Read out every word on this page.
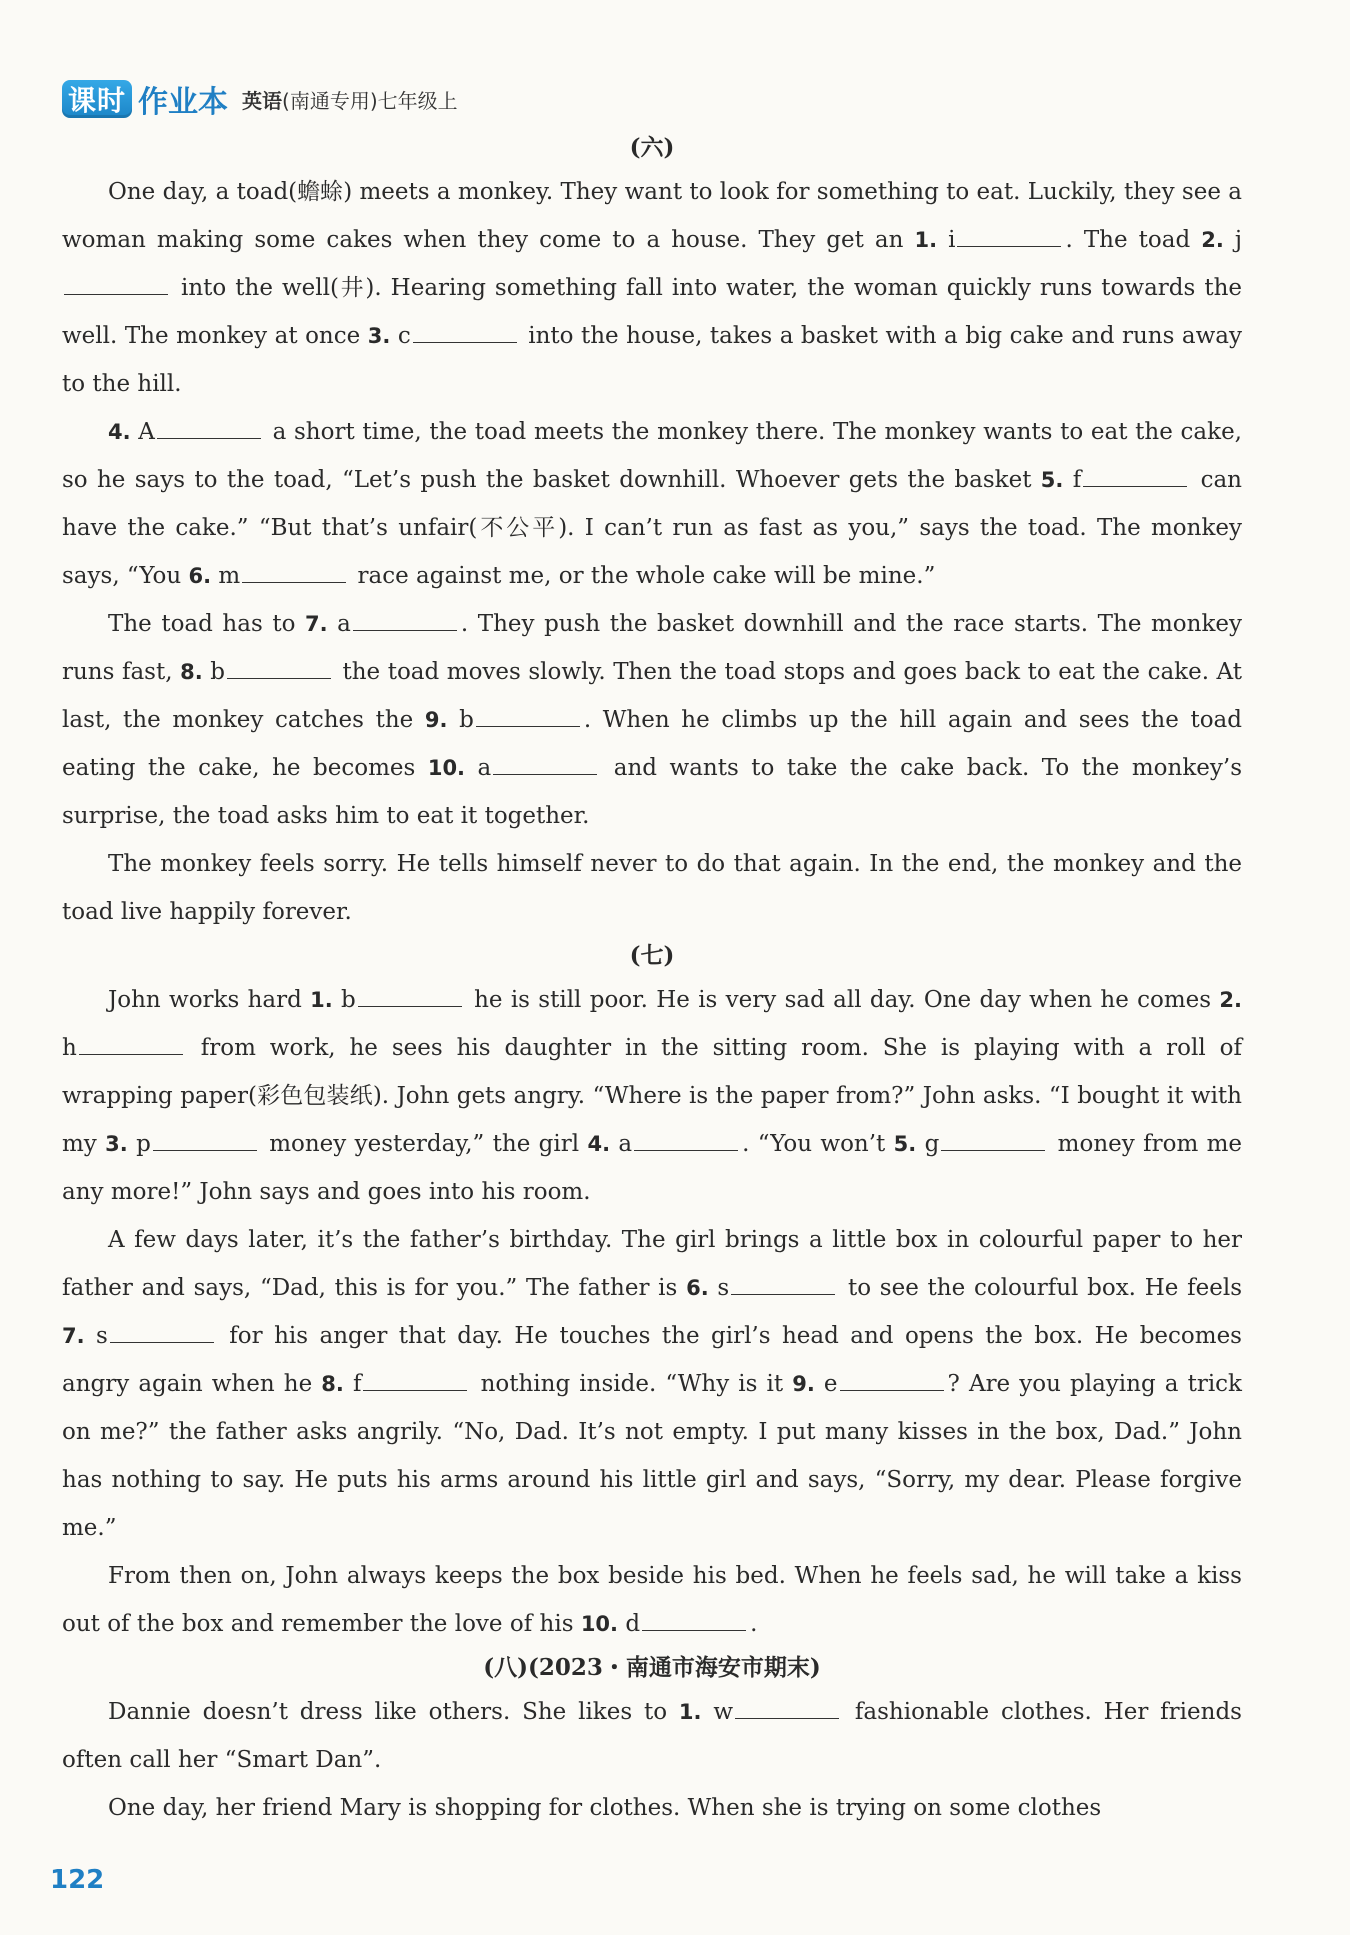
课时 作业本 英语(南通专用)七年级上
(六)

One day, a toad(蟾蜍) meets a monkey. They want to look for something to eat. Luckily, they see a woman making some cakes when they come to a house. They get an 1. i	. The toad 2. j into the well(井). Hearing something fall into water, the woman quickly runs towards the well. The monkey at once 3. c	into the house, takes a basket with a big cake and runs away to the hill.

4. A	a short time, the toad meets the monkey there. The monkey wants to eat the cake, so he says to the toad, “Let’s push the basket downhill. Whoever gets the basket 5. f	can have the cake.” “But that’s unfair(不公平). I can’t run as fast as you,” says the toad. The monkey says, “You 6. m	race against me, or the whole cake will be mine.”

The toad has to 7. a	. They push the basket downhill and the race starts. The monkey runs fast, 8. b	the toad moves slowly. Then the toad stops and goes back to eat the cake. At last, the monkey catches the 9. b	. When he climbs up the hill again and sees the toad eating the cake, he becomes 10. a	and wants to take the cake back. To the monkey’s surprise, the toad asks him to eat it together.

The monkey feels sorry. He tells himself never to do that again. In the end, the monkey and the toad live happily forever.

(七)

John works hard 1. b	he is still poor. He is very sad all day. One day when he comes 2. h	from work, he sees his daughter in the sitting room. She is playing with a roll of wrapping paper(彩色包装纸). John gets angry. “Where is the paper from?” John asks. “I bought it with my 3. p	money yesterday,” the girl 4. a	. “You won’t 5. g	money from me any more!” John says and goes into his room.

A few days later, it’s the father’s birthday. The girl brings a little box in colourful paper to her father and says, “Dad, this is for you.” The father is 6. s	to see the colourful box. He feels 7. s	for his anger that day. He touches the girl’s head and opens the box. He becomes angry again when he 8. f	nothing inside. “Why is it 9. e	? Are you playing a trick on me?” the father asks angrily. “No, Dad. It’s not empty. I put many kisses in the box, Dad.” John has nothing to say. He puts his arms around his little girl and says, “Sorry, my dear. Please forgive me.”

From then on, John always keeps the box beside his bed. When he feels sad, he will take a kiss out of the box and remember the love of his 10. d	.

(八)(2023・南通市海安市期末)

Dannie doesn’t dress like others. She likes to 1. w	fashionable clothes. Her friends often call her “Smart Dan”.

One day, her friend Mary is shopping for clothes. When she is trying on some clothes

122
